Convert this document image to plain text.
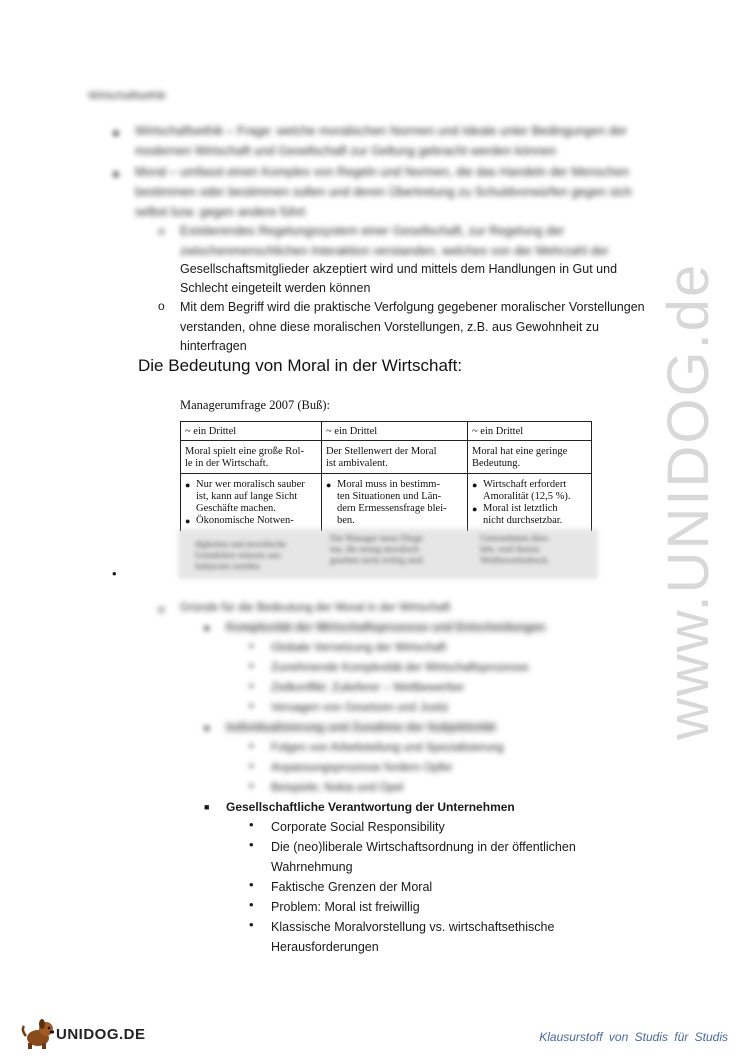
Wirtschaftsethik
● Wirtschaftsethik – Frage: welche moralischen Normen und Ideale unter Bedingungen der
modernen Wirtschaft und Gesellschaft zur Geltung gebracht werden können
● Moral – umfasst einen Komplex von Regeln und Normen, die das Handeln der Menschen
bestimmen oder bestimmen sollen und deren Übertretung zu Schuldvorwürfen gegen sich
selbst bzw. gegen andere führt
o Existierendes Regelungssystem einer Gesellschaft, zur Regelung der
zwischenmenschlichen Interaktion verstanden, welches von der Mehrzahl der
Gesellschaftsmitglieder akzeptiert wird und mittels dem Handlungen in Gut und
Schlecht eingeteilt werden können
o Mit dem Begriff wird die praktische Verfolgung gegebener moralischer Vorstellungen
verstanden, ohne diese moralischen Vorstellungen, z.B. aus Gewohnheit zu
hinterfragen
Die Bedeutung von Moral in der Wirtschaft:
Managerumfrage 2007 (Buß):
~ ein Drittel
Moral spielt eine große Rol-
le in der Wirtschaft.
● Nur wer moralisch sauber
ist, kann auf lange Sicht
Geschäfte machen.
● Ökonomische Notwen-
digkeiten und moralische
Grundsätze müssen aus-
balanciert werden.
~ ein Drittel
Der Stellenwert der Moral
ist ambivalent.
● Moral muss in bestimm-
ten Situationen und Län-
dern Ermessensfrage blei-
ben.
Der Manager muss Dinge
tun, die streng moralisch
gesehen nicht richtig sind.
~ ein Drittel
Moral hat eine geringe
Bedeutung.
● Wirtschaft erfordert
Amoralität (12,5 %).
● Moral ist letztlich
nicht durchsetzbar.
Unternehmen über-
lebt, weil Anreiz
Wettbewerbsdruck.
•
o Gründe für die Bedeutung der Moral in der Wirtschaft
■ Komplexität der Wirtschaftsprozesse und Entscheidungen
• Globale Vernetzung der Wirtschaft
• Zunehmende Komplexität der Wirtschaftsprozesse
• Zielkonflikt: Zulieferer – Wettbewerber
• Versagen von Gesetzen und Justiz
■ Individualisierung und Zunahme der Subjektivität
• Folgen von Arbeitsteilung und Spezialisierung
• Anpassungsprozesse fordern Opfer
• Beispiele; Nokia und Opel
■ Gesellschaftliche Verantwortung der Unternehmen
• Corporate Social Responsibility
• Die (neo)liberale Wirtschaftsordnung in der öffentlichen
Wahrnehmung
• Faktische Grenzen der Moral
• Problem: Moral ist freiwillig
• Klassische Moralvorstellung vs. wirtschaftsethische
Herausforderungen
www.UNIDOG.de
UNIDOG.DE	Klausurstoff von Studis für Studis
